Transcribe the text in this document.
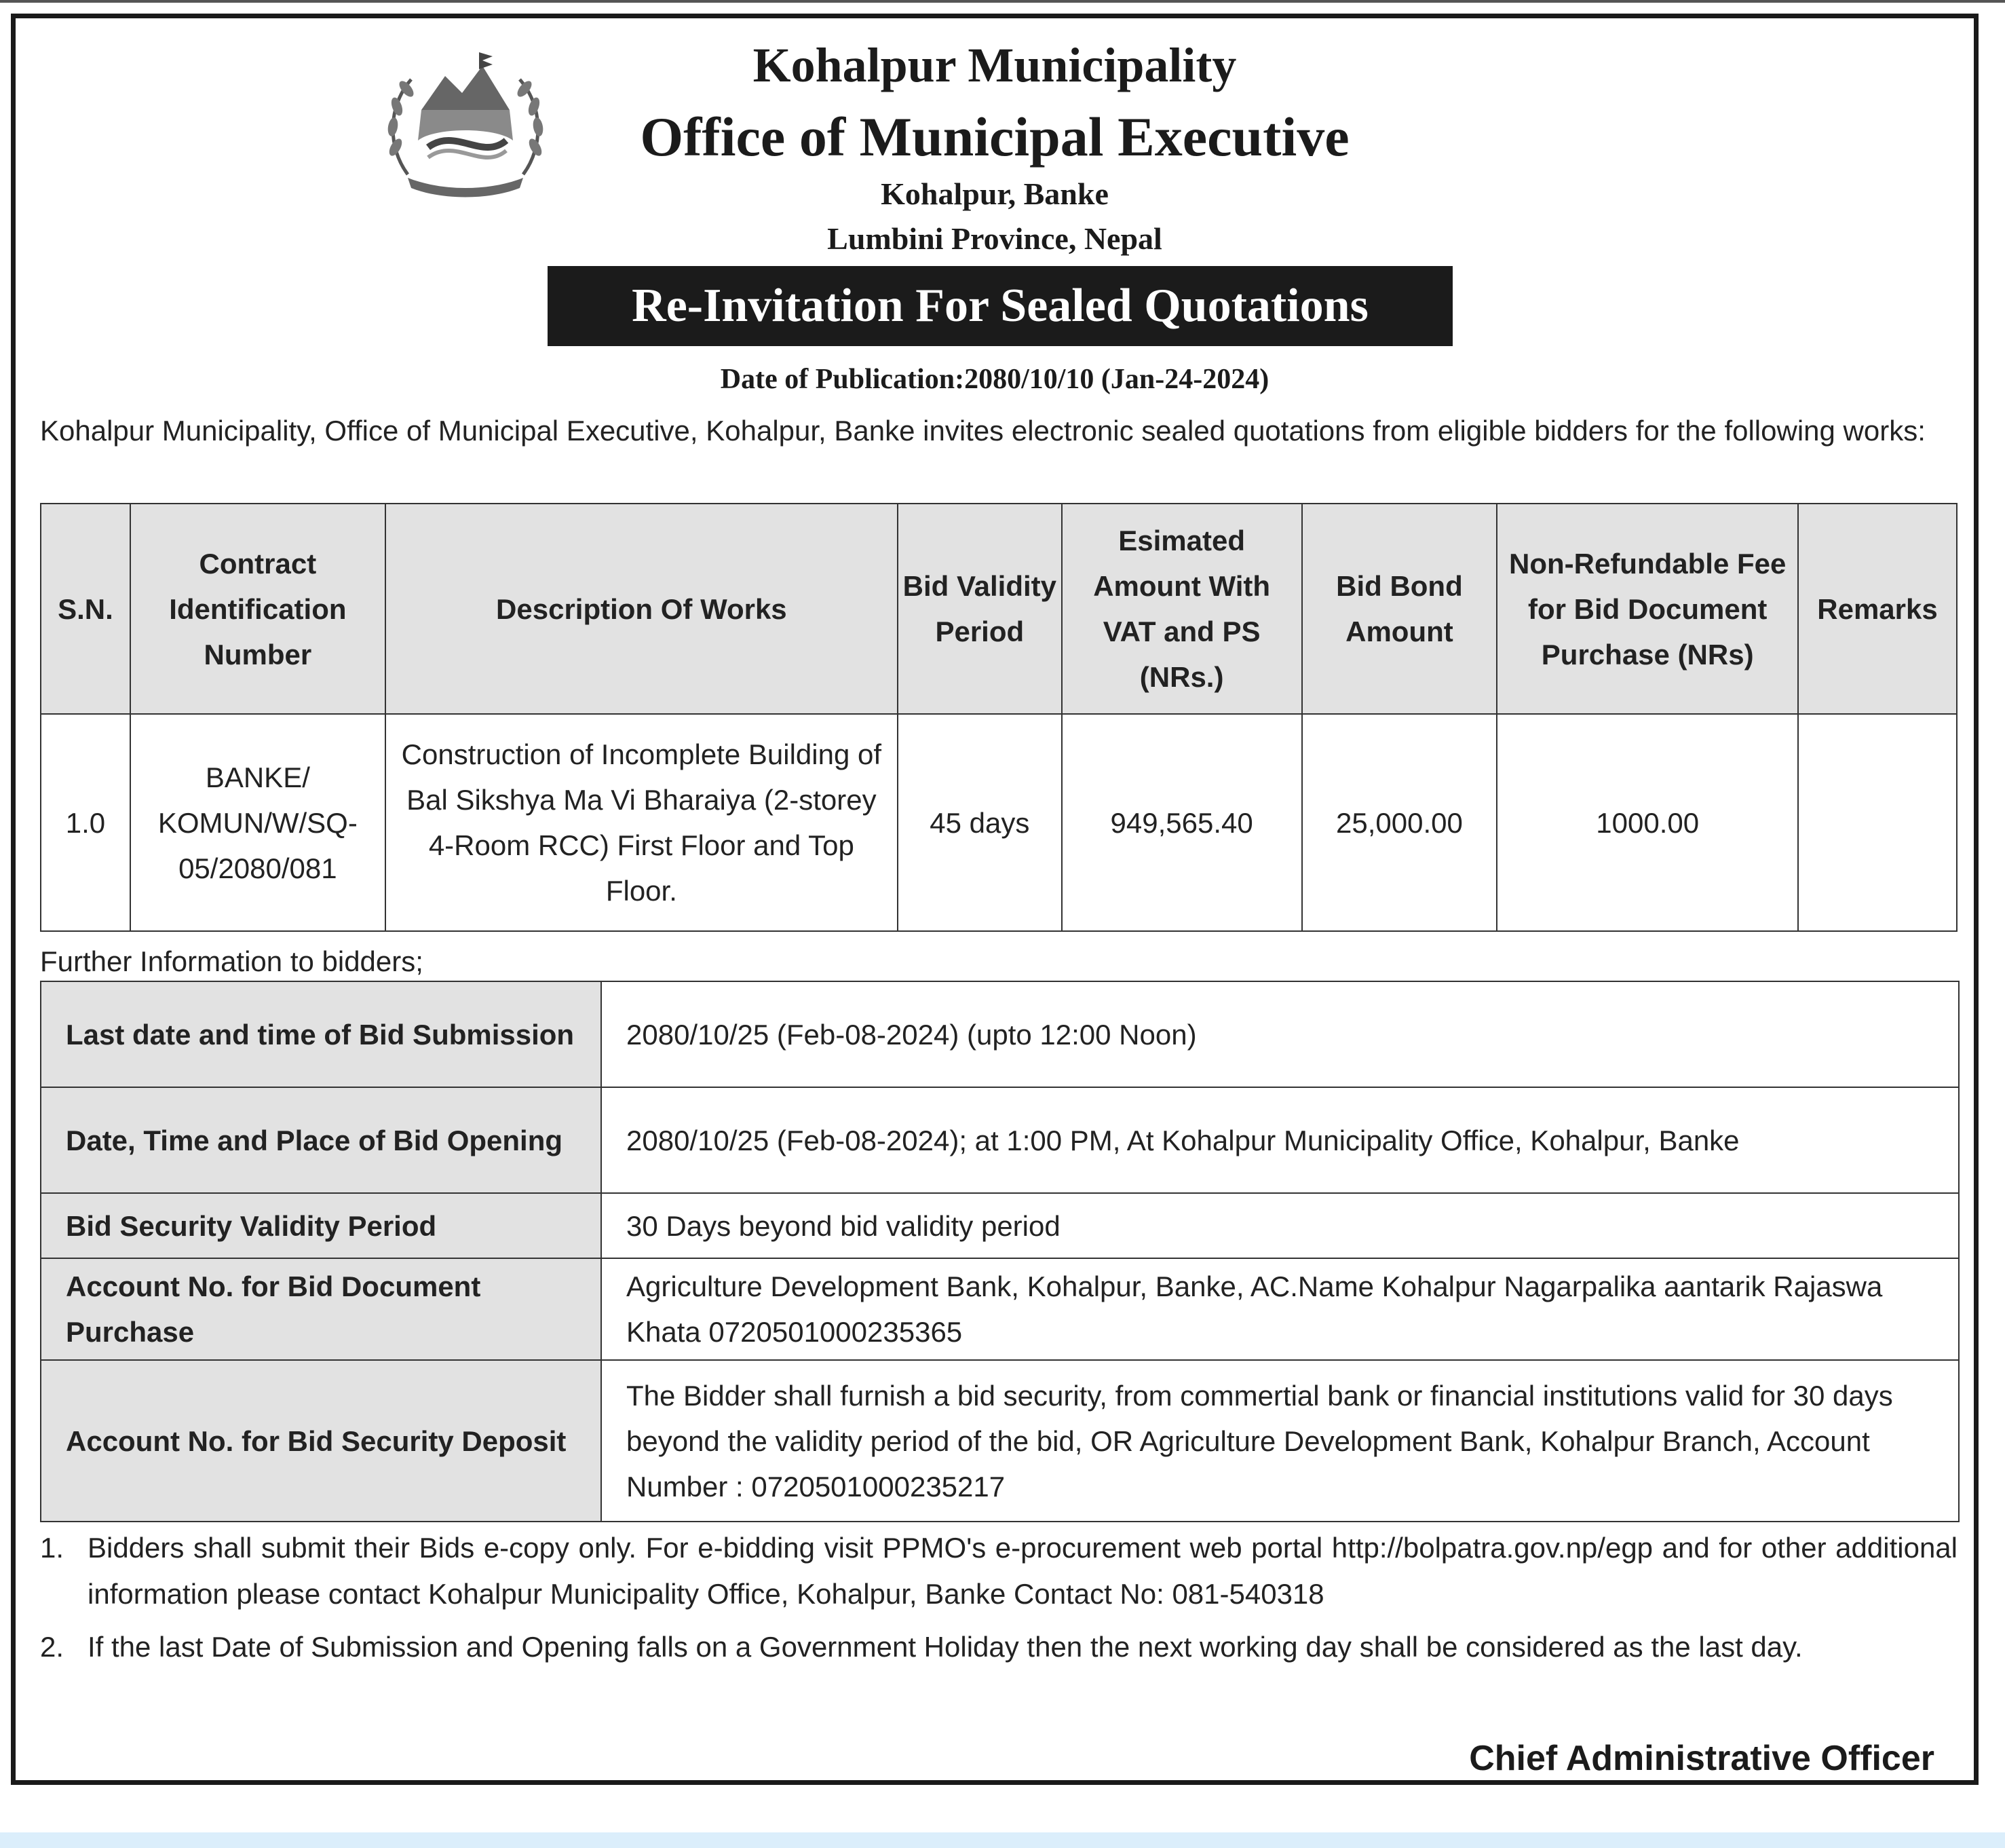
Kohalpur Municipality
Office of Municipal Executive
Kohalpur, Banke
Lumbini Province, Nepal
Re-Invitation For Sealed Quotations
Date of Publication:2080/10/10 (Jan-24-2024)
Kohalpur Municipality, Office of Municipal Executive, Kohalpur, Banke invites electronic sealed quotations from eligible bidders for the following works:
S.N.	Contract Identification Number	Description Of Works	Bid Validity Period	Esimated Amount With VAT and PS (NRs.)	Bid Bond Amount	Non-Refundable Fee for Bid Document Purchase (NRs)	Remarks
1.0	BANKE/ KOMUN/W/SQ-05/2080/081	Construction of Incomplete Building of Bal Sikshya Ma Vi Bharaiya (2-storey 4-Room RCC) First Floor and Top Floor.	45 days	949,565.40	25,000.00	1000.00	
Further Information to bidders;
Last date and time of Bid Submission	2080/10/25 (Feb-08-2024) (upto 12:00 Noon)
Date, Time and Place of Bid Opening	2080/10/25 (Feb-08-2024); at 1:00 PM, At Kohalpur Municipality Office, Kohalpur, Banke
Bid Security Validity Period	30 Days beyond bid validity period
Account No. for Bid Document Purchase	Agriculture Development Bank, Kohalpur, Banke, AC.Name Kohalpur Nagarpalika aantarik Rajaswa Khata 0720501000235365
Account No. for Bid Security Deposit	The Bidder shall furnish a bid security, from commertial bank or financial institutions valid for 30 days beyond the validity period of the bid, OR Agriculture Development Bank, Kohalpur Branch, Account Number : 0720501000235217
1. Bidders shall submit their Bids e-copy only. For e-bidding visit PPMO's e-procurement web portal http://bolpatra.gov.np/egp and for other additional information please contact Kohalpur Municipality Office, Kohalpur, Banke Contact No: 081-540318
2. If the last Date of Submission and Opening falls on a Government Holiday then the next working day shall be considered as the last day.
Chief Administrative Officer
